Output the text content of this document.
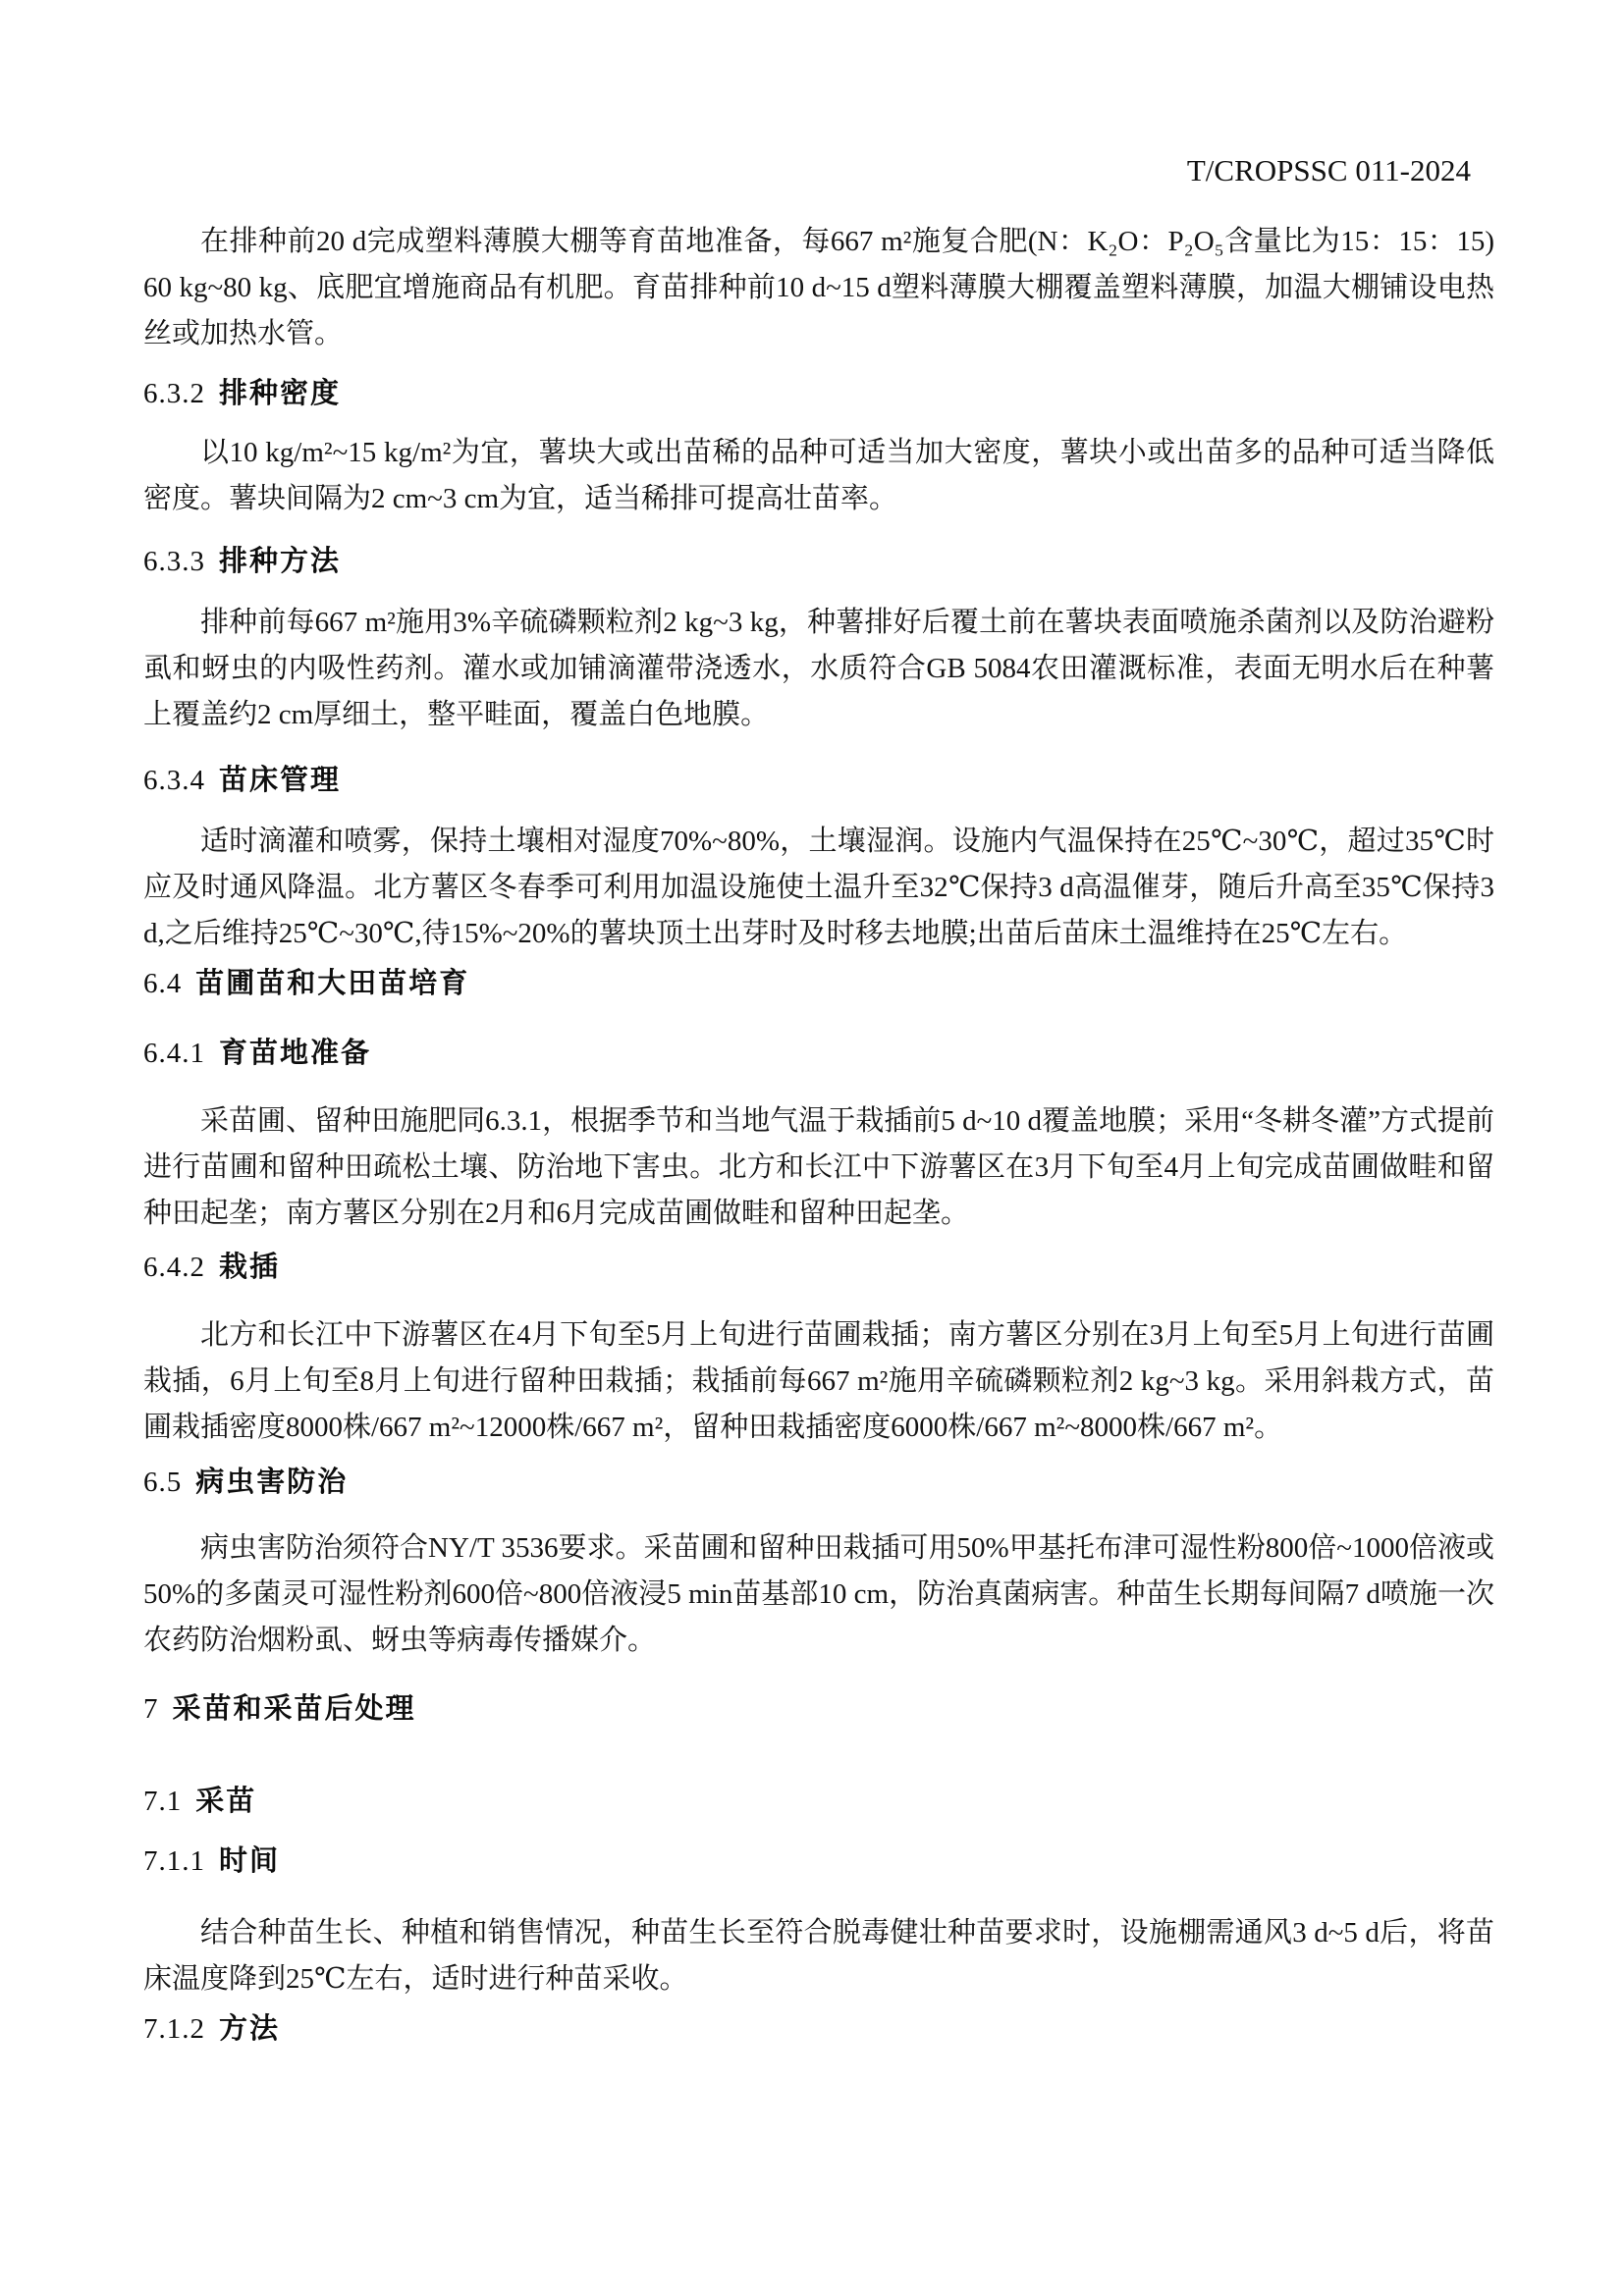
T/CROPSSC 011-2024

在排种前20 d完成塑料薄膜大棚等育苗地准备，每667 m²施复合肥(N：K₂O：P₂O₅含量比为15：15：15) 60 kg~80 kg、底肥宜增施商品有机肥。育苗排种前10 d~15 d塑料薄膜大棚覆盖塑料薄膜，加温大棚铺设电热丝或加热水管。

6.3.2 排种密度

以10 kg/m²~15 kg/m²为宜，薯块大或出苗稀的品种可适当加大密度，薯块小或出苗多的品种可适当降低密度。薯块间隔为2 cm~3 cm为宜，适当稀排可提高壮苗率。

6.3.3 排种方法

排种前每667 m²施用3%辛硫磷颗粒剂2 kg~3 kg，种薯排好后覆土前在薯块表面喷施杀菌剂以及防治避粉虱和蚜虫的内吸性药剂。灌水或加铺滴灌带浇透水，水质符合GB 5084农田灌溉标准，表面无明水后在种薯上覆盖约2 cm厚细土，整平畦面，覆盖白色地膜。

6.3.4 苗床管理

适时滴灌和喷雾，保持土壤相对湿度70%~80%，土壤湿润。设施内气温保持在25℃~30℃，超过35℃时应及时通风降温。北方薯区冬春季可利用加温设施使土温升至32℃保持3 d高温催芽，随后升高至35℃保持3 d,之后维持25℃~30℃,待15%~20%的薯块顶土出芽时及时移去地膜;出苗后苗床土温维持在25℃左右。

6.4 苗圃苗和大田苗培育
6.4.1 育苗地准备

采苗圃、留种田施肥同6.3.1，根据季节和当地气温于栽插前5 d~10 d覆盖地膜；采用“冬耕冬灌”方式提前进行苗圃和留种田疏松土壤、防治地下害虫。北方和长江中下游薯区在3月下旬至4月上旬完成苗圃做畦和留种田起垄；南方薯区分别在2月和6月完成苗圃做畦和留种田起垄。

6.4.2 栽插

北方和长江中下游薯区在4月下旬至5月上旬进行苗圃栽插；南方薯区分别在3月上旬至5月上旬进行苗圃栽插，6月上旬至8月上旬进行留种田栽插；栽插前每667 m²施用辛硫磷颗粒剂2 kg~3 kg。采用斜栽方式，苗圃栽插密度8000株/667 m²~12000株/667 m²，留种田栽插密度6000株/667 m²~8000株/667 m²。

6.5 病虫害防治

病虫害防治须符合NY/T 3536要求。采苗圃和留种田栽插可用50%甲基托布津可湿性粉800倍~1000倍液或50%的多菌灵可湿性粉剂600倍~800倍液浸5 min苗基部10 cm，防治真菌病害。种苗生长期每间隔7 d喷施一次农药防治烟粉虱、蚜虫等病毒传播媒介。

7 采苗和采苗后处理
7.1 采苗
7.1.1 时间

结合种苗生长、种植和销售情况，种苗生长至符合脱毒健壮种苗要求时，设施棚需通风3 d~5 d后，将苗床温度降到25℃左右，适时进行种苗采收。

7.1.2 方法
